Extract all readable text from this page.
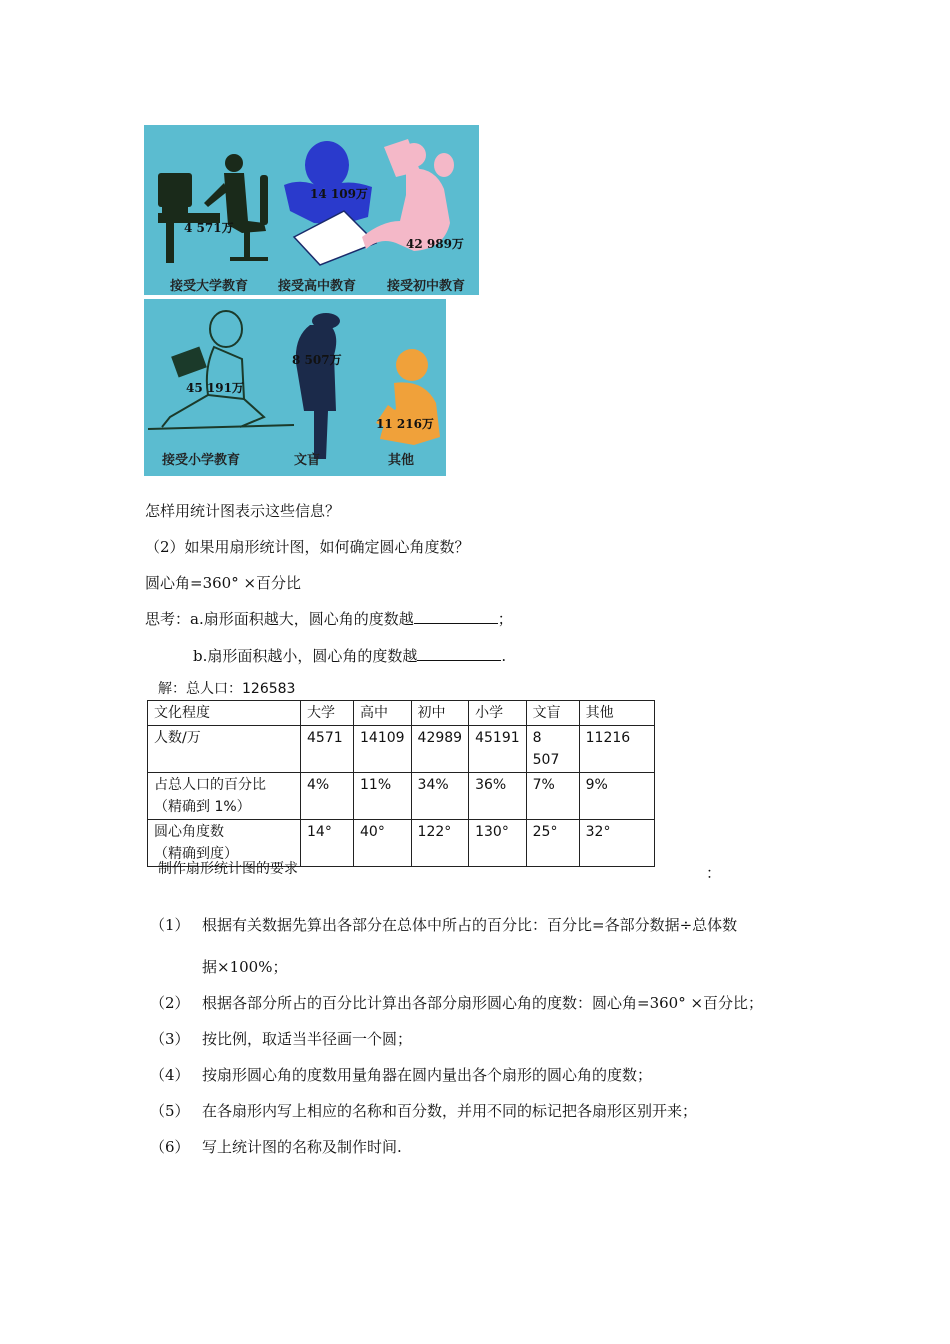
4 571万
14 109万
42 989万
接受大学教育 接受高中教育 接受初中教育
45 191万
8 507万
11 216万
接受小学教育	文盲	其他
怎样用统计图表示这些信息？
（2）如果用扇形统计图，如何确定圆心角度数？
圆心角=360° ×百分比
思考：a.扇形面积越大，圆心角的度数越	；
b.扇形面积越小，圆心角的度数越	.
解：总人口：126583
文化程度	大学	高中	初中	小学	文盲	其他
人数/万	4571	14109	42989	45191	8 507	11216

占总人口的百分比
（精确到 1%）	4%	11%	34%	36%	7%	9%

圆心角度数
（精确到度）	14°	40°	122°	130°	25°	32°
制作扇形统计图的要求	：
（1） 根据有关数据先算出各部分在总体中所占的百分比：百分比=各部分数据÷总体数
据×100%；
（2） 根据各部分所占的百分比计算出各部分扇形圆心角的度数：圆心角=360° ×百分比；
（3） 按比例，取适当半径画一个圆；
（4） 按扇形圆心角的度数用量角器在圆内量出各个扇形的圆心角的度数；
（5） 在各扇形内写上相应的名称和百分数，并用不同的标记把各扇形区别开来；
（6） 写上统计图的名称及制作时间.
